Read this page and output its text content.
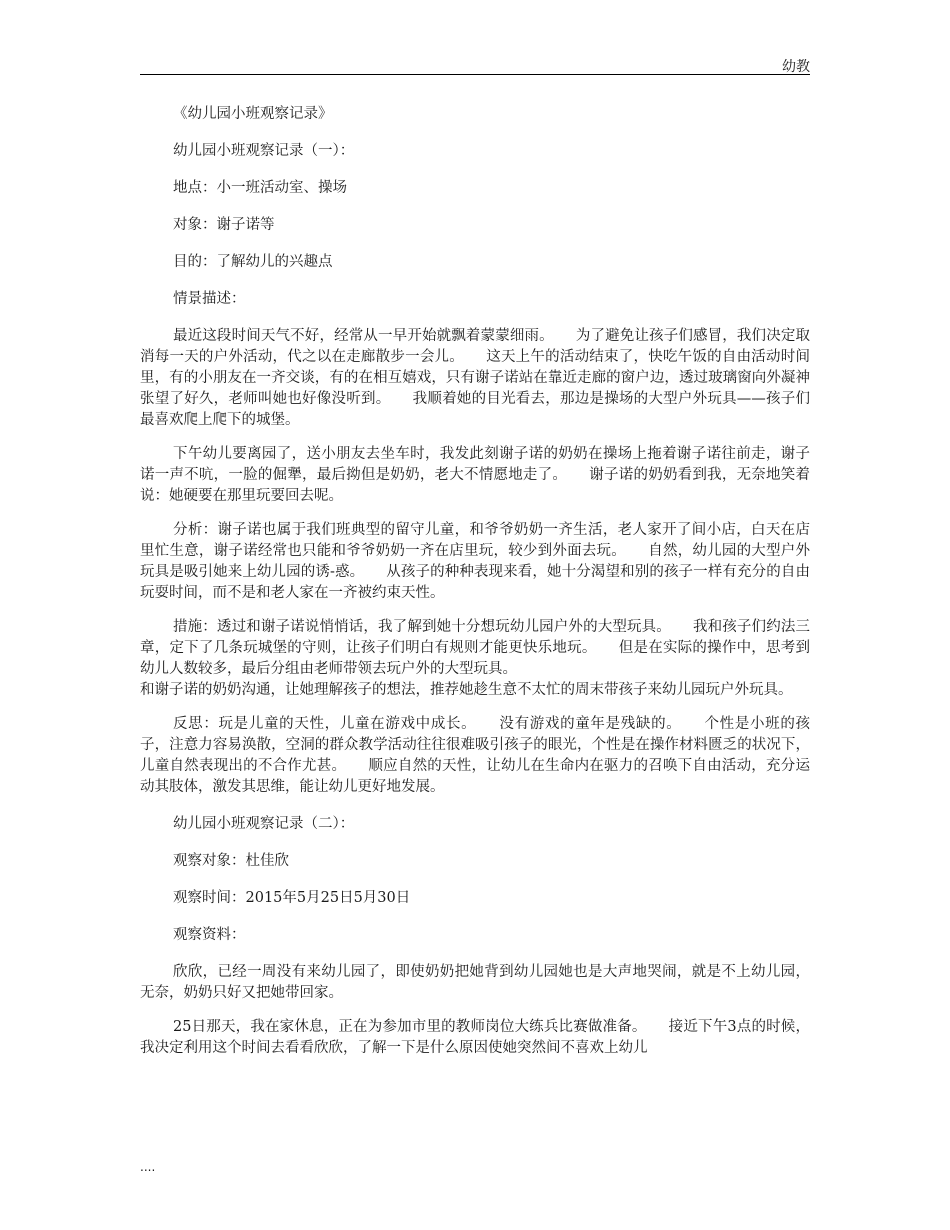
幼教

《幼儿园小班观察记录》

幼儿园小班观察记录（一）：

地点：小一班活动室、操场

对象：谢子诺等

目的：了解幼儿的兴趣点

情景描述：

最近这段时间天气不好，经常从一早开始就飘着蒙蒙细雨。　　为了避免让孩子们感冒，我们决定取消每一天的户外活动，代之以在走廊散步一会儿。　　这天上午的活动结束了，快吃午饭的自由活动时间里，有的小朋友在一齐交谈，有的在相互嬉戏，只有谢子诺站在靠近走廊的窗户边，透过玻璃窗向外凝神张望了好久，老师叫她也好像没听到。　　我顺着她的目光看去，那边是操场的大型户外玩具——孩子们最喜欢爬上爬下的城堡。

下午幼儿要离园了，送小朋友去坐车时，我发此刻谢子诺的奶奶在操场上拖着谢子诺往前走，谢子诺一声不吭，一脸的倔犟，最后拗但是奶奶，老大不情愿地走了。　　谢子诺的奶奶看到我，无奈地笑着说：她硬要在那里玩要回去呢。

分析：谢子诺也属于我们班典型的留守儿童，和爷爷奶奶一齐生活，老人家开了间小店，白天在店里忙生意，谢子诺经常也只能和爷爷奶奶一齐在店里玩，较少到外面去玩。　　自然，幼儿园的大型户外玩具是吸引她来上幼儿园的诱-惑。　　从孩子的种种表现来看，她十分渴望和别的孩子一样有充分的自由玩耍时间，而不是和老人家在一齐被约束天性。

措施：透过和谢子诺说悄悄话，我了解到她十分想玩幼儿园户外的大型玩具。　　我和孩子们约法三章，定下了几条玩城堡的守则，让孩子们明白有规则才能更快乐地玩。　　但是在实际的操作中，思考到幼儿人数较多，最后分组由老师带领去玩户外的大型玩具。

和谢子诺的奶奶沟通，让她理解孩子的想法，推荐她趁生意不太忙的周末带孩子来幼儿园玩户外玩具。

反思：玩是儿童的天性，儿童在游戏中成长。　　没有游戏的童年是残缺的。　　个性是小班的孩子，注意力容易涣散，空洞的群众教学活动往往很难吸引孩子的眼光，个性是在操作材料匮乏的状况下，儿童自然表现出的不合作尤甚。　　顺应自然的天性，让幼儿在生命内在驱力的召唤下自由活动，充分运动其肢体，激发其思维，能让幼儿更好地发展。

幼儿园小班观察记录（二）：

观察对象：杜佳欣

观察时间：2015年5月25日5月30日

观察资料：

欣欣，已经一周没有来幼儿园了，即使奶奶把她背到幼儿园她也是大声地哭闹，就是不上幼儿园，无奈，奶奶只好又把她带回家。

25日那天，我在家休息，正在为参加市里的教师岗位大练兵比赛做准备。　　接近下午3点的时候，我决定利用这个时间去看看欣欣，了解一下是什么原因使她突然间不喜欢上幼儿

....
